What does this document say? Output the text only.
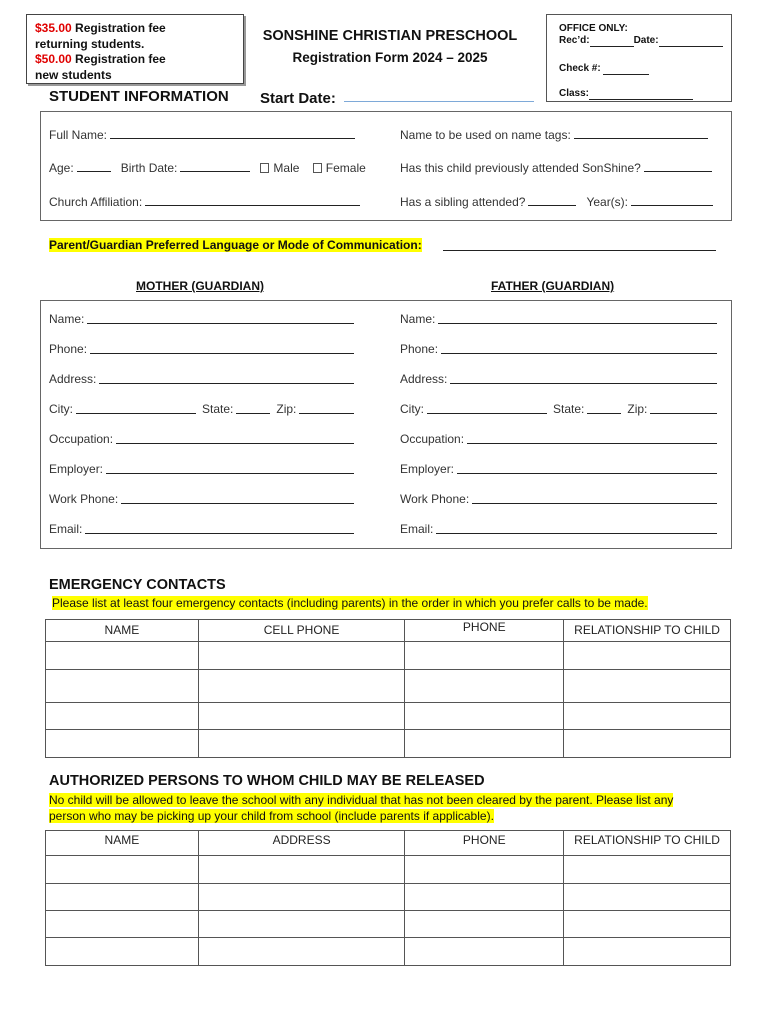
$35.00 Registration fee
returning students.
$50.00 Registration fee
new students
SONSHINE CHRISTIAN PRESCHOOL
Registration Form 2024 – 2025
OFFICE ONLY:
Rec’d:	Date:
Check #:
Class:
STUDENT INFORMATION Start Date:
Full Name:	Name to be used on name tags:
Age:	Birth Date:	Male Female	Has this child previously attended SonShine?
Church Affiliation:	Has a sibling attended?	Year(s):
Parent/Guardian Preferred Language or Mode of Communication:
MOTHER (GUARDIAN)	FATHER (GUARDIAN)
Name:
Phone:
Address:
City:	State:	Zip:
Occupation:
Employer:
Work Phone:
Email:
Name:
Phone:
Address:
City:	State:	Zip:
Occupation:
Employer:
Work Phone:
Email:
EMERGENCY CONTACTS
Please list at least four emergency contacts (including parents) in the order in which you prefer calls to be made.
NAME	CELL PHONE	PHONE	RELATIONSHIP TO CHILD

AUTHORIZED PERSONS TO WHOM CHILD MAY BE RELEASED
No child will be allowed to leave the school with any individual that has not been cleared by the parent. Please list any
person who may be picking up your child from school (include parents if applicable).
NAME	ADDRESS	PHONE	RELATIONSHIP TO CHILD
